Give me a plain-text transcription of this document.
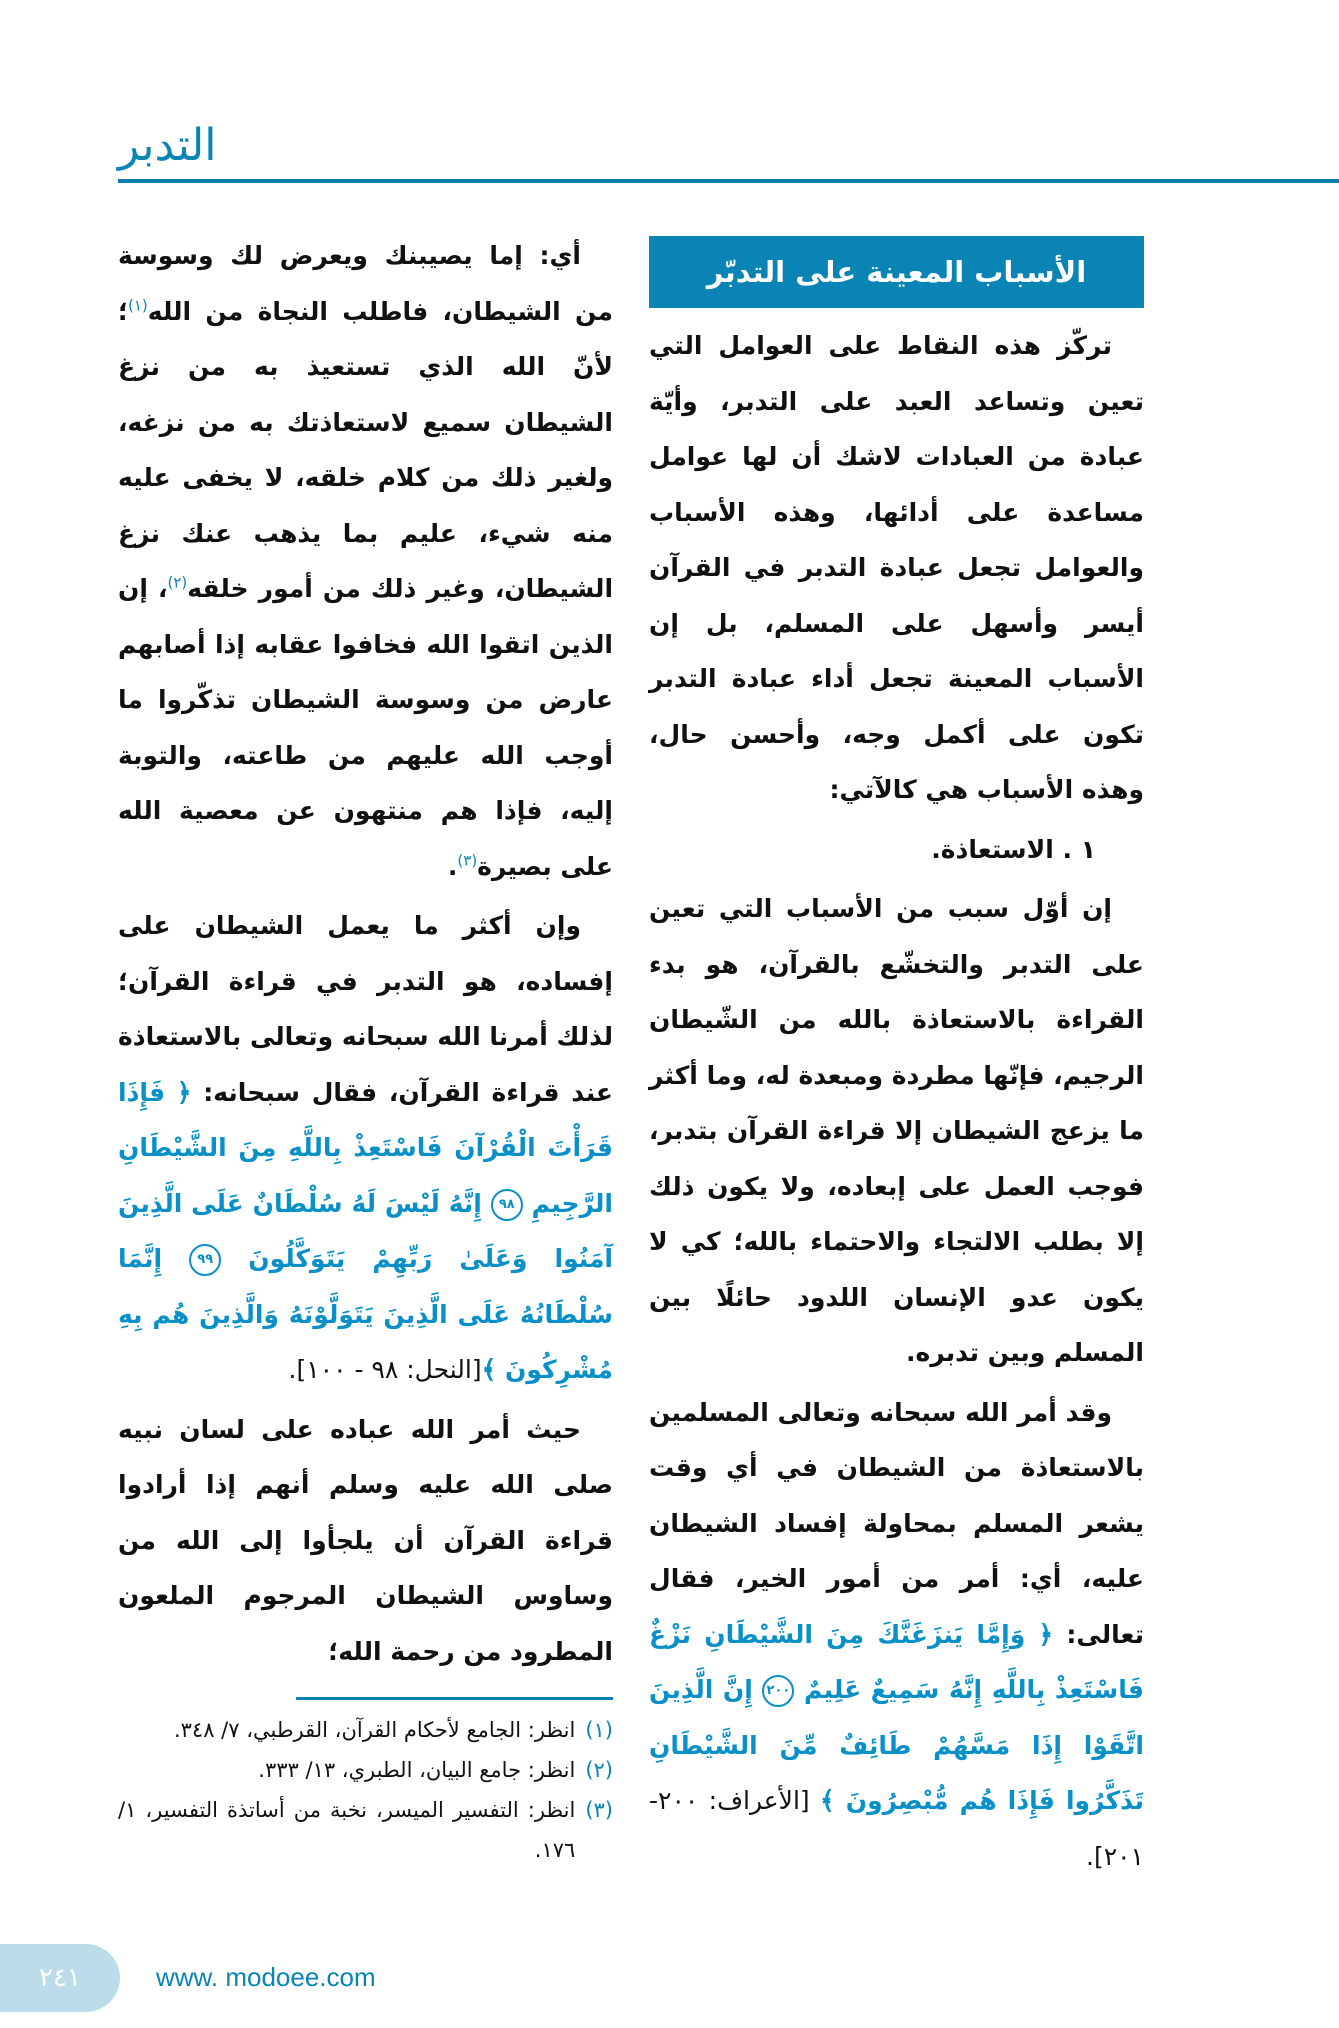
التدبر
الأسباب المعينة على التدبّر

تركّز هذه النقاط على العوامل التي تعين وتساعد العبد على التدبر، وأيّة عبادة من العبادات لاشك أن لها عوامل مساعدة على أدائها، وهذه الأسباب والعوامل تجعل عبادة التدبر في القرآن أيسر وأسهل على المسلم، بل إن الأسباب المعينة تجعل أداء عبادة التدبر تكون على أكمل وجه، وأحسن حال، وهذه الأسباب هي كالآتي:

١ . الاستعاذة.

إن أوّل سبب من الأسباب التي تعين على التدبر والتخشّع بالقرآن، هو بدء القراءة بالاستعاذة بالله من الشّيطان الرجيم، فإنّها مطردة ومبعدة له، وما أكثر ما يزعج الشيطان إلا قراءة القرآن بتدبر، فوجب العمل على إبعاده، ولا يكون ذلك إلا بطلب الالتجاء والاحتماء بالله؛ كي لا يكون عدو الإنسان اللدود حائلًا بين المسلم وبين تدبره.

وقد أمر الله سبحانه وتعالى المسلمين بالاستعاذة من الشيطان في أي وقت يشعر المسلم بمحاولة إفساد الشيطان عليه، أي: أمر من أمور الخير، فقال تعالى: ﴿ وَإِمَّا يَنزَغَنَّكَ مِنَ الشَّيْطَانِ نَزْغٌ فَاسْتَعِذْ بِاللَّهِ إِنَّهُ سَمِيعٌ عَلِيمٌ ٢٠٠ إِنَّ الَّذِينَ اتَّقَوْا إِذَا مَسَّهُمْ طَائِفٌ مِّنَ الشَّيْطَانِ تَذَكَّرُوا فَإِذَا هُم مُّبْصِرُونَ ﴾ [الأعراف: ٢٠٠- ٢٠١].

أي: إما يصيبنك ويعرض لك وسوسة من الشيطان، فاطلب النجاة من الله$^{(١)}$؛ لأنّ الله الذي تستعيذ به من نزغ الشيطان سميع لاستعاذتك به من نزغه، ولغير ذلك من كلام خلقه، لا يخفى عليه منه شيء، عليم بما يذهب عنك نزغ الشيطان، وغير ذلك من أمور خلقه$^{(٢)}$، إن الذين اتقوا الله فخافوا عقابه إذا أصابهم عارض من وسوسة الشيطان تذكّروا ما أوجب الله عليهم من طاعته، والتوبة إليه، فإذا هم منتهون عن معصية الله على بصيرة$^{(٣)}$.

وإن أكثر ما يعمل الشيطان على إفساده، هو التدبر في قراءة القرآن؛ لذلك أمرنا الله سبحانه وتعالى بالاستعاذة عند قراءة القرآن، فقال سبحانه: ﴿ فَإِذَا قَرَأْتَ الْقُرْآنَ فَاسْتَعِذْ بِاللَّهِ مِنَ الشَّيْطَانِ الرَّجِيمِ ٩٨ إِنَّهُ لَيْسَ لَهُ سُلْطَانٌ عَلَى الَّذِينَ آمَنُوا وَعَلَىٰ رَبِّهِمْ يَتَوَكَّلُونَ ٩٩ إِنَّمَا سُلْطَانُهُ عَلَى الَّذِينَ يَتَوَلَّوْنَهُ وَالَّذِينَ هُم بِهِ مُشْرِكُونَ ﴾[النحل: ٩٨ - ١٠٠].

حيث أمر الله عباده على لسان نبيه صلى الله عليه وسلم أنهم إذا أرادوا قراءة القرآن أن يلجأوا إلى الله من وساوس الشيطان المرجوم الملعون المطرود من رحمة الله؛

(١)
انظر: الجامع لأحكام القرآن، القرطبي، ٧/ ٣٤٨.
(٢)
انظر: جامع البيان، الطبري، ١٣/ ٣٣٣.
(٣)
انظر: التفسير الميسر، نخبة من أساتذة التفسير، ١/ ١٧٦.
٢٤١	www. modoee.com
